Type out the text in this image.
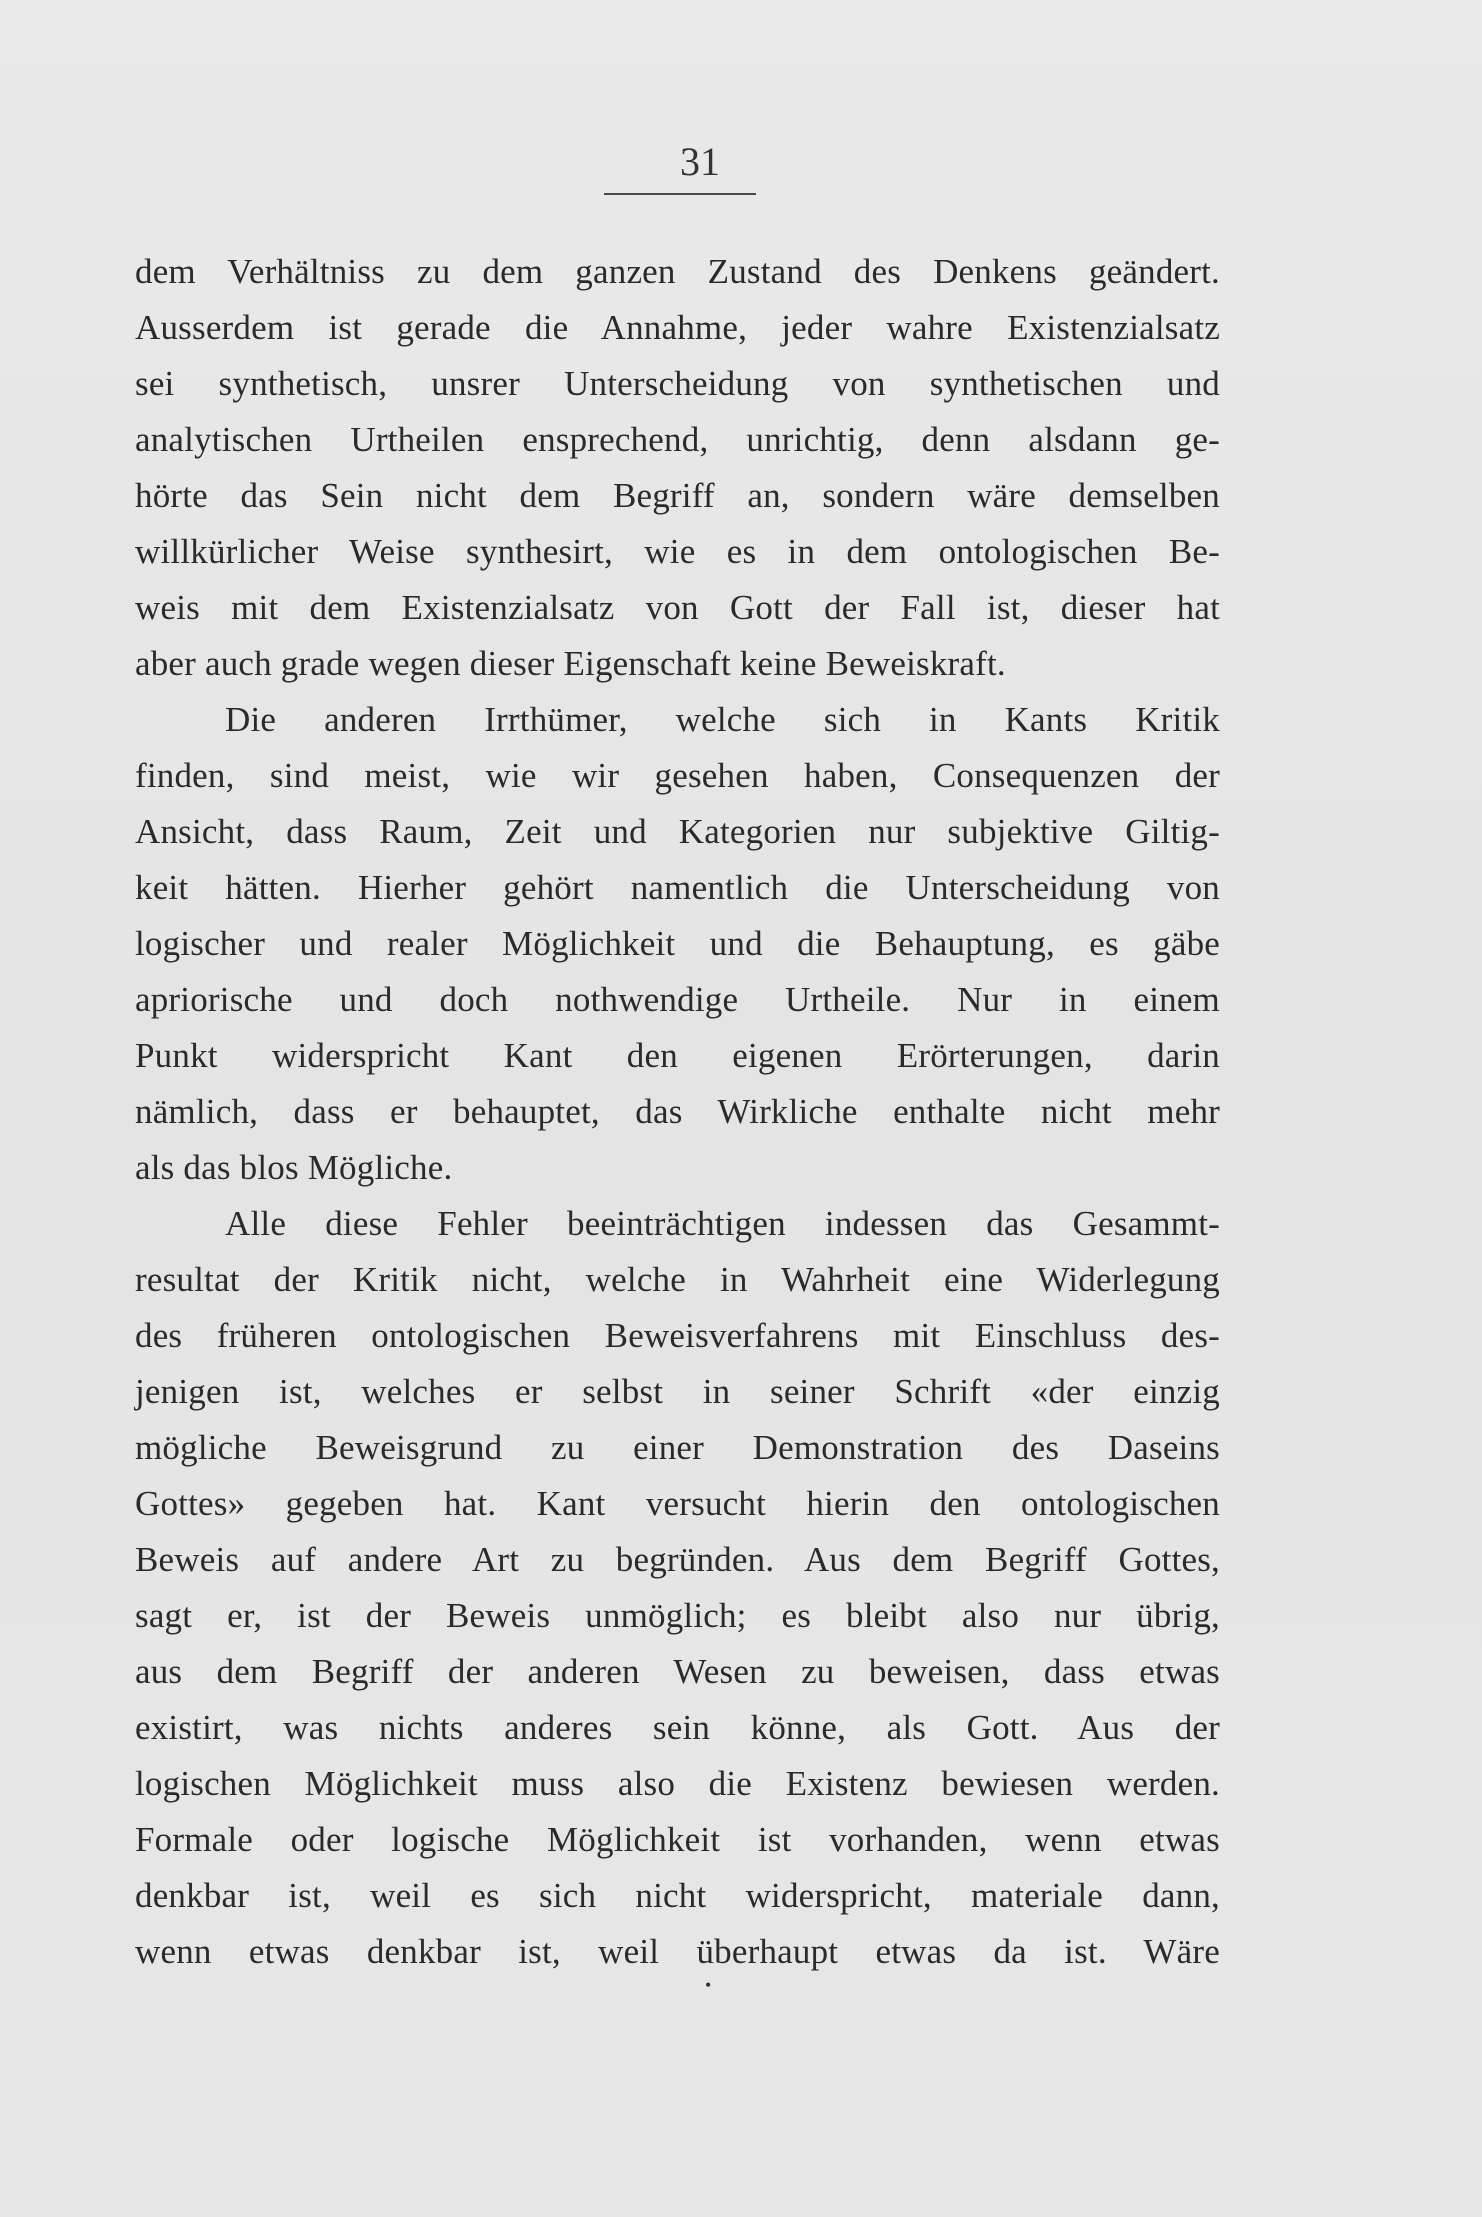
31
dem Verhältniss zu dem ganzen Zustand des Denkens geändert.
Ausserdem ist gerade die Annahme, jeder wahre Existenzialsatz
sei synthetisch, unsrer Unterscheidung von synthetischen und
analytischen Urtheilen ensprechend, unrichtig, denn alsdann ge-
hörte das Sein nicht dem Begriff an, sondern wäre demselben
willkürlicher Weise synthesirt, wie es in dem ontologischen Be-
weis mit dem Existenzialsatz von Gott der Fall ist, dieser hat
aber auch grade wegen dieser Eigenschaft keine Beweiskraft.
Die anderen Irrthümer, welche sich in Kants Kritik
finden, sind meist, wie wir gesehen haben, Consequenzen der
Ansicht, dass Raum, Zeit und Kategorien nur subjektive Giltig-
keit hätten. Hierher gehört namentlich die Unterscheidung von
logischer und realer Möglichkeit und die Behauptung, es gäbe
apriorische und doch nothwendige Urtheile. Nur in einem
Punkt widerspricht Kant den eigenen Erörterungen, darin
nämlich, dass er behauptet, das Wirkliche enthalte nicht mehr
als das blos Mögliche.
Alle diese Fehler beeinträchtigen indessen das Gesammt-
resultat der Kritik nicht, welche in Wahrheit eine Widerlegung
des früheren ontologischen Beweisverfahrens mit Einschluss des-
jenigen ist, welches er selbst in seiner Schrift «der einzig
mögliche Beweisgrund zu einer Demonstration des Daseins
Gottes» gegeben hat. Kant versucht hierin den ontologischen
Beweis auf andere Art zu begründen. Aus dem Begriff Gottes,
sagt er, ist der Beweis unmöglich; es bleibt also nur übrig,
aus dem Begriff der anderen Wesen zu beweisen, dass etwas
existirt, was nichts anderes sein könne, als Gott. Aus der
logischen Möglichkeit muss also die Existenz bewiesen werden.
Formale oder logische Möglichkeit ist vorhanden, wenn etwas
denkbar ist, weil es sich nicht widerspricht, materiale dann,
wenn etwas denkbar ist, weil überhaupt etwas da ist. Wäre
•
